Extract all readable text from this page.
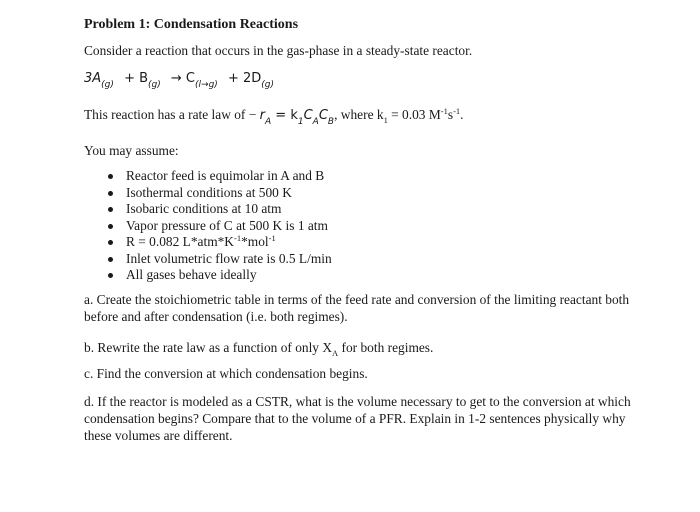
Problem 1: Condensation Reactions

Consider a reaction that occurs in the gas-phase in a steady-state reactor.

$3A_{(g)} + B_{(g)} \to C_{(l\to g)} + 2D_{(g)}$

This reaction has a rate law of − $r_A = k_1C_AC_B$, where $k_1 = 0.03$ $M^{-1}s^{-1}$.

You may assume:

Reactor feed is equimolar in A and B
Isothermal conditions at 500 K
Isobaric conditions at 10 atm
Vapor pressure of C at 500 K is 1 atm
R = 0.082 $L*atm*K^{-1}*mol^{-1}$
Inlet volumetric flow rate is 0.5 L/min
All gases behave ideally

a. Create the stoichiometric table in terms of the feed rate and conversion of the limiting reactant both before and after condensation (i.e. both regimes).

b. Rewrite the rate law as a function of only $X_A$ for both regimes.

c. Find the conversion at which condensation begins.

d. If the reactor is modeled as a CSTR, what is the volume necessary to get to the conversion at which condensation begins? Compare that to the volume of a PFR. Explain in 1-2 sentences physically why these volumes are different.
